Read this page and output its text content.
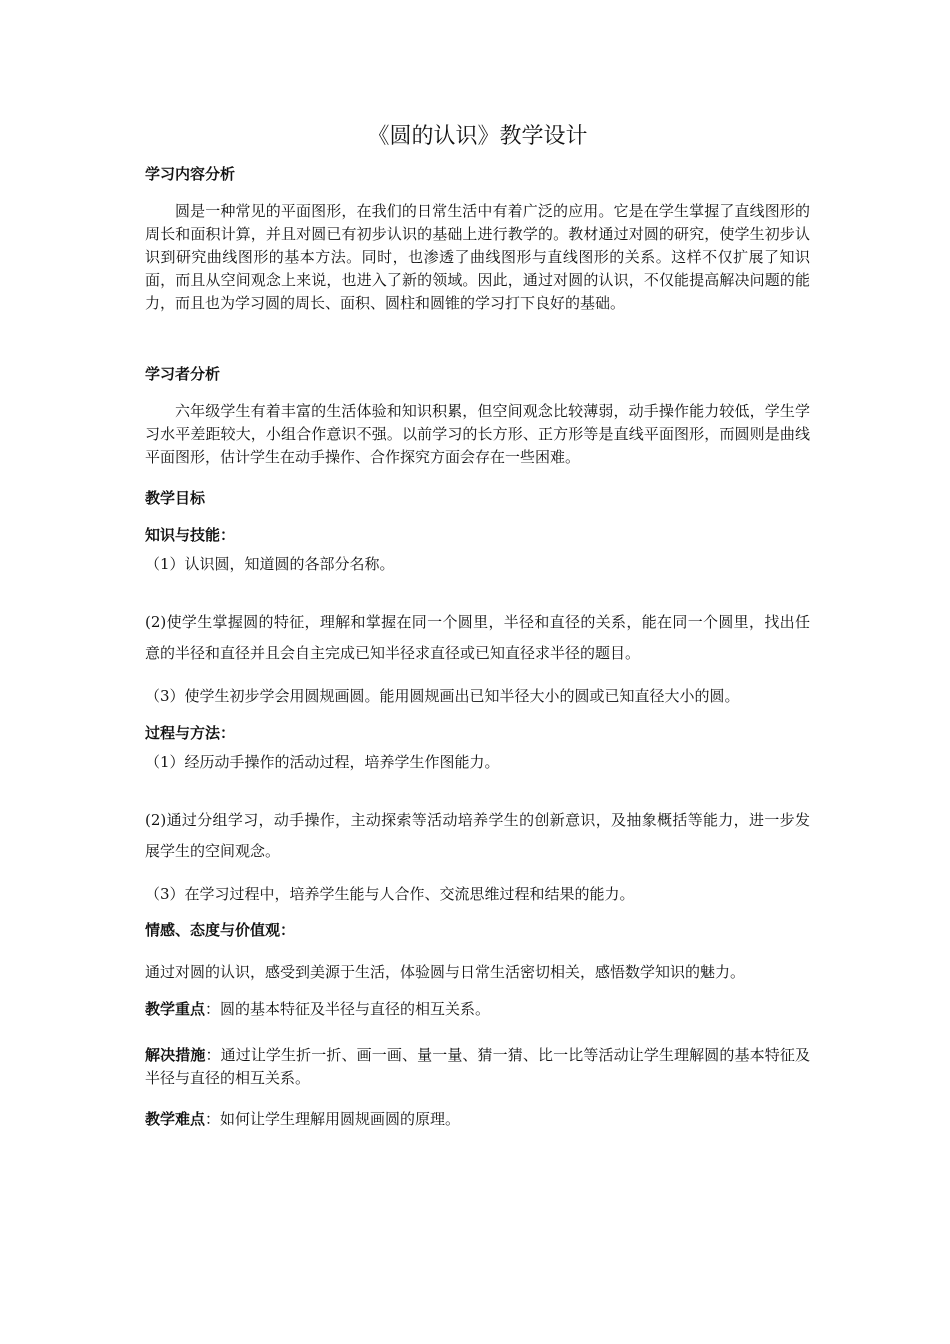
《圆的认识》教学设计
学习内容分析
圆是一种常见的平面图形，在我们的日常生活中有着广泛的应用。它是在学生掌握了直线图形的周长和面积计算，并且对圆已有初步认识的基础上进行教学的。教材通过对圆的研究，使学生初步认识到研究曲线图形的基本方法。同时，也渗透了曲线图形与直线图形的关系。这样不仅扩展了知识面，而且从空间观念上来说，也进入了新的领域。因此，通过对圆的认识，不仅能提高解决问题的能力，而且也为学习圆的周长、面积、圆柱和圆锥的学习打下良好的基础。
学习者分析
六年级学生有着丰富的生活体验和知识积累，但空间观念比较薄弱，动手操作能力较低，学生学习水平差距较大，小组合作意识不强。以前学习的长方形、正方形等是直线平面图形，而圆则是曲线平面图形，估计学生在动手操作、合作探究方面会存在一些困难。
教学目标
知识与技能：
（1）认识圆，知道圆的各部分名称。
(2)使学生掌握圆的特征，理解和掌握在同一个圆里，半径和直径的关系，能在同一个圆里，找出任意的半径和直径并且会自主完成已知半径求直径或已知直径求半径的题目。
（3）使学生初步学会用圆规画圆。能用圆规画出已知半径大小的圆或已知直径大小的圆。
过程与方法：
（1）经历动手操作的活动过程，培养学生作图能力。
(2)通过分组学习，动手操作，主动探索等活动培养学生的创新意识，及抽象概括等能力，进一步发展学生的空间观念。
（3）在学习过程中，培养学生能与人合作、交流思维过程和结果的能力。
情感、态度与价值观：
通过对圆的认识，感受到美源于生活，体验圆与日常生活密切相关，感悟数学知识的魅力。
教学重点：圆的基本特征及半径与直径的相互关系。
解决措施：通过让学生折一折、画一画、量一量、猜一猜、比一比等活动让学生理解圆的基本特征及半径与直径的相互关系。
教学难点：如何让学生理解用圆规画圆的原理。
